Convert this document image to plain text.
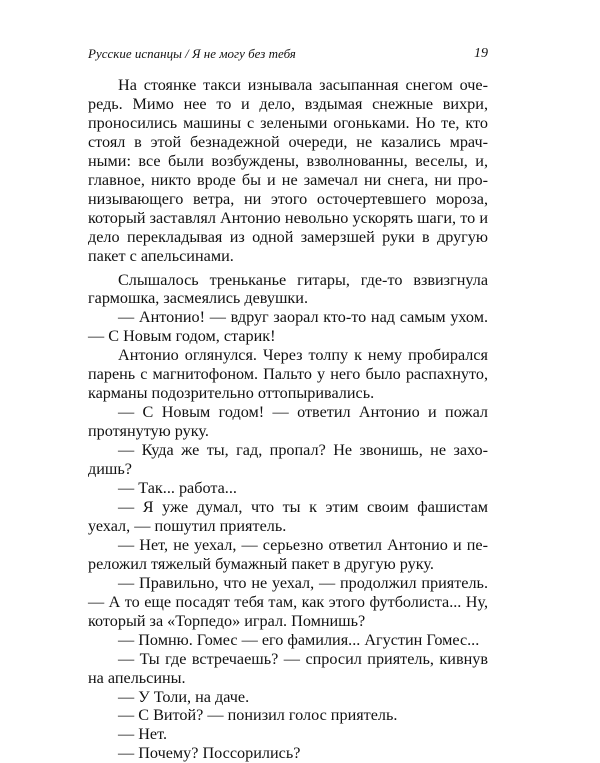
Русские испанцы / Я не могу без тебя	19

На стоянке такси изнывала засыпанная снегом очередь. Мимо нее то и дело, вздымая снежные вихри, проносились машины с зелеными огоньками. Но те, кто стоял в этой безнадежной очереди, не казались мрачными: все были возбуждены, взволнованны, веселы, и, главное, никто вроде бы и не замечал ни снега, ни пронизывающего ветра, ни этого осточертевшего мороза, который заставлял Антонио невольно ускорять шаги, то и дело перекладывая из одной замерзшей руки в другую пакет с апельсинами.

Слышалось треньканье гитары, где-то взвизгнула гармошка, засмеялись девушки.

— Антонио! — вдруг заорал кто-то над самым ухом. — С Новым годом, старик!

Антонио оглянулся. Через толпу к нему пробирался парень с магнитофоном. Пальто у него было распахнуто, карманы подозрительно оттопыривались.

— С Новым годом! — ответил Антонио и пожал протянутую руку.

— Куда же ты, гад, пропал? Не звонишь, не заходишь?

— Так... работа...

— Я уже думал, что ты к этим своим фашистам уехал, — пошутил приятель.

— Нет, не уехал, — серьезно ответил Антонио и переложил тяжелый бумажный пакет в другую руку.

— Правильно, что не уехал, — продолжил приятель. — А то еще посадят тебя там, как этого футболиста... Ну, который за «Торпедо» играл. Помнишь?

— Помню. Гомес — его фамилия... Агустин Гомес...

— Ты где встречаешь? — спросил приятель, кивнув на апельсины.

— У Толи, на даче.

— С Витой? — понизил голос приятель.

— Нет.

— Почему? Поссорились?
